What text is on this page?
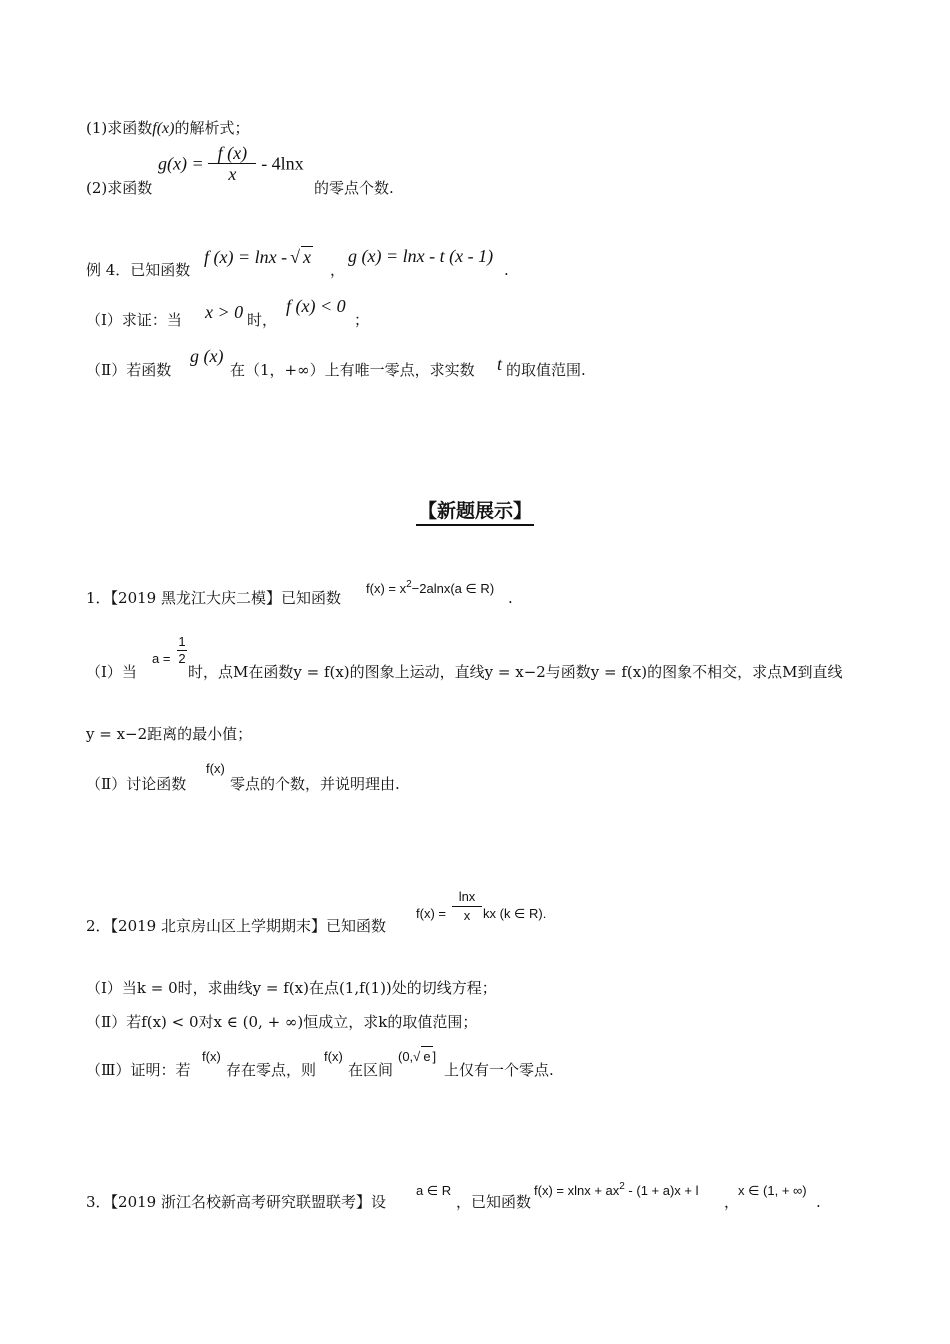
(1)求函数f(x)的解析式；
(2)求函数
$g(x) = \frac{f (x)}{x} - 4\ln x$
的零点个数.
例 4．已知函数
f (x) = lnx - √ x
，
g (x) = lnx - t (x - 1)
.
（Ⅰ）求证：当 x > 0 时，
f (x) < 0
；
（Ⅱ）若函数
g (x)
在（1，+∞）上有唯一零点，求实数 t 的取值范围.
【新题展示】
1．【2019 黑龙江大庆二模】已知函数
$f(x) = x^2-2alnx(a$ ∈ R)
.
（Ⅰ）当
a =
1
2
时，点M在函数y = f(x)的图象上运动，直线y = x−2与函数y = f(x)的图象不相交，求点M到直线
y = x−2距离的最小值；
（Ⅱ）讨论函数
f(x)
零点的个数，并说明理由.
2．【2019 北京房山区上学期期末】已知函数
f(x) =
lnx
x kx (k ∈ R).
（Ⅰ）当k = 0时，求曲线y = f(x)在点(1,f(1))处的切线方程；
（Ⅱ）若f(x) < 0对x ∈ (0, + ∞)恒成立，求k的取值范围；
（Ⅲ）证明：若
f(x)
存在零点，则
f(x)
在区间
(0,√ e ]
上仅有一个零点.
3．【2019 浙江名校新高考研究联盟联考】设
a ∈ R
，已知函数
$f(x) = xlnx + ax^2 - (1 + a)x + l$
，
x ∈ (1, + ∞)
.
